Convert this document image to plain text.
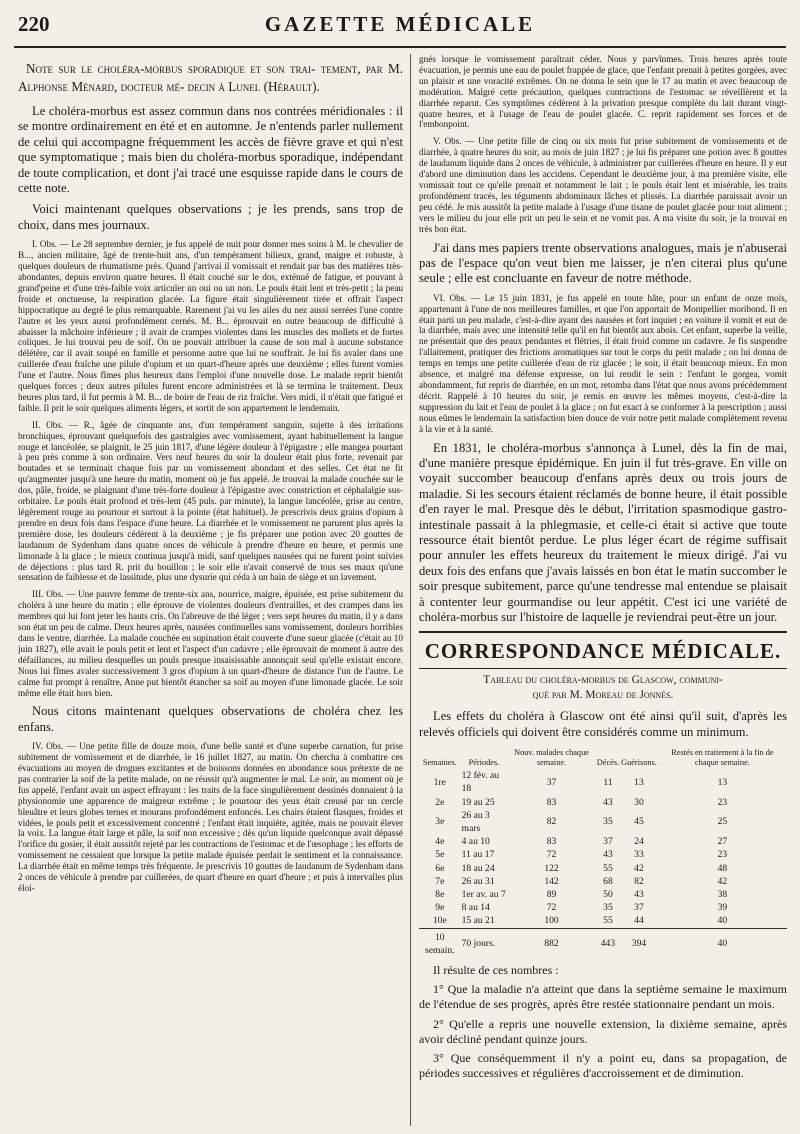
220	GAZETTE MÉDICALE
Note sur le choléra-morbus sporadique et son trai- tement, par M. Alphonse Ménard, docteur mé- decin à Lunel (Hérault).

Le choléra-morbus est assez commun dans nos contrées méridionales : il se montre ordinairement en été et en automne. Je n'entends parler nullement de celui qui accompagne fréquemment les accès de fièvre grave et qui n'est que symptomatique ; mais bien du choléra-morbus sporadique, indépendant de toute complication, et dont j'ai tracé une esquisse rapide dans le cours de cette note.

Voici maintenant quelques observations ; je les prends, sans trop de choix, dans mes journaux.

I. Obs. — Le 28 septembre dernier, je fus appelé de nuit pour donner mes soins à M. le chevalier de B..., ancien militaire, âgé de trente-huit ans, d'un tempérament bilieux, grand, maigre et robuste, à quelques douleurs de rhumatisme près. Quand j'arrivai il vomissait et rendait par bas des matières très-abondantes, depuis environ quatre heures. Il était couché sur le dos, exténué de fatigue, et pouvant à grand'peine et d'une très-faible voix articuler un oui ou un non. Le pouls était lent et très-petit ; la peau froide et onctueuse, la respiration glacée. La figure était singulièrement tirée et offrait l'aspect hippocratique au degré le plus remarquable. Rarement j'ai vu les ailes du nez aussi serrées l'une contre l'autre et les yeux aussi profondément cernés. M. B... éprouvait en outre beaucoup de difficulté à abaisser la mâchoire inférieure ; il avait de crampes violentes dans les muscles des mollets et de fortes coliques. Je lui trouvai peu de soif. On ne pouvait attribuer la cause de son mal à aucune substance délétère, car il avait soupé en famille et personne autre que lui ne souffrait. Je lui fis avaler dans une cuillerée d'eau fraîche une pilule d'opium et un quart-d'heure après une deuxième ; elles furent vomies l'une et l'autre. Nous fîmes plus heureux dans l'emploi d'une nouvelle dose. Le malade reprit bientôt quelques forces ; deux autres pilules furent encore administrées et là se termina le traitement. Deux heures plus tard, il fut permis à M. B... de boire de l'eau de riz fraîche. Vers midi, il n'était que fatigué et faible. Il prit le soir quelques aliments légers, et sortit de son appartement le lendemain.

II. Obs. — R., âgée de cinquante ans, d'un tempérament sanguin, sujette à des irritations bronchiques, éprouvant quelquefois des gastralgies avec vomissement, ayant habituellement la langue rouge et lancéolée, se plaignit, le 25 juin 1817, d'une légère douleur à l'épigastre ; elle mangea pourtant à peu près comme à son ordinaire. Vers neuf heures du soir la douleur était plus forte, revenait par boutades et se terminait chaque fois par un vomissement abondant et des selles. Cet état ne fit qu'augmenter jusqu'à une heure du matin, moment où je fus appelé. Je trouvai la malade couchée sur le dos, pâle, froide, se plaignant d'une très-forte douleur à l'épigastre avec constriction et céphalalgie sus-orbitaire. Le pouls était profond et très-lent (45 puls. par minute), la langue lancéolée, grise au centre, légèrement rouge au pourtour et surtout à la pointe (état habituel). Je prescrivis deux grains d'opium à prendre en deux fois dans l'espace d'une heure. La diarrhée et le vomissement ne parurent plus après la première dose, les douleurs cédèrent à la deuxième ; je fis préparer une potion avec 20 gouttes de laudanum de Sydenham dans quatre onces de véhicule à prendre d'heure en heure, et permis une limonade à la glace ; le mieux continua jusqu'à midi, sauf quelques nausées qui ne furent point suivies de déjections : plus tard R. prit du bouillon ; le soir elle n'avait conservé de tous ses maux qu'une sensation de faiblesse et de lassitude, plus une dysurie qui céda à un bain de siège et un lavement.

III. Obs. — Une pauvre femme de trente-six ans, nourrice, maigre, épuisée, est prise subitement du choléra à une heure du matin ; elle éprouve de violentes douleurs d'entrailles, et des crampes dans les membres qui lui font jeter les hauts cris. On l'abreuve de thé léger ; vers sept heures du matin, il y a dans son état un peu de calme. Deux heures après, nausées continuelles sans vomissement, douleurs horribles dans le ventre, diarrhée. La malade couchée en supination était couverte d'une sueur glacée (c'était au 10 juin 1827), elle avait le pouls petit et lent et l'aspect d'un cadavre ; elle éprouvait de moment à autre des défaillances, au milieu desquelles un pouls presque insaisissable annonçait seul qu'elle existait encore. Nous lui fîmes avaler successivement 3 gros d'opium à un quart-d'heure de distance l'un de l'autre. Le calme fut prompt à renaître, Anne put bientôt étancher sa soif au moyen d'une limonade glacée. Le soir même elle était hors bien.

Nous citons maintenant quelques observations de choléra chez les enfans.

IV. Obs. — Une petite fille de douze mois, d'une belle santé et d'une superbe carnation, fut prise subitement de vomissement et de diarrhée, le 16 juillet 1827, au matin. On chercha à combattre ces évacuations au moyen de drogues excitantes et de boissons données en abondance sous prétexte de ne pas contrarier la soif de la petite malade, on ne réussit qu'à augmenter le mal. Le soir, au moment où je fus appelé, l'enfant avait un aspect effrayant : les traits de la face singulièrement dessinés donnaient à la physionomie une apparence de maigreur extrême ; le pourtour des yeux était creusé par un cercle bleuâtre et leurs globes ternes et mourans profondément enfoncés. Les chairs étaient flasques, froides et vidées, le pouls petit et excessivement concentré ; l'enfant était inquiète, agitée, mais ne pouvait élever la voix. La langue était large et pâle, la soif non excessive ; dès qu'un liquide quelconque avait dépassé l'orifice du gosier, il était aussitôt rejeté par les contractions de l'estomac et de l'œsophage ; les efforts de vomissement ne cessaient que lorsque la petite malade épuisée perdait le sentiment et la connaissance. La diarrhée était en même temps très fréquente. Je prescrivis 10 gouttes de laudanum de Sydenham dans 2 onces de véhicule à prendre par cuillerées, de quart d'heure en quart d'heure ; et puis à intervalles plus éloi-

gnés lorsque le vomissement paraîtrait céder. Nous y parvînmes. Trois heures après toute évacuation, je permis une eau de poulet frappée de glace, que l'enfant prenait à petites gorgées, avec un plaisir et une voracité extrêmes. On ne donna le sein que le 17 au matin et avec beaucoup de modération. Malgré cette précaution, quelques contractions de l'estomac se réveillèrent et la diarrhée reparut. Ces symptômes cédèrent à la privation presque complète du lait durant vingt-quatre heures, et à l'usage de l'eau de poulet glacée. C. reprit rapidement ses forces et de l'embonpoint.

V. Obs. — Une petite fille de cinq ou six mois fut prise subitement de vomissements et de diarrhée, à quatre heures du soir, au mois de juin 1827 ; je lui fis préparer une potion avec 8 gouttes de laudanum liquide dans 2 onces de véhicule, à administrer par cuillerées d'heure en heure. Il y eut d'abord une diminution dans les accidens. Cependant le deuxième jour, à ma première visite, elle vomissait tout ce qu'elle prenait et notamment le lait ; le pouls était lent et misérable, les traits profondément tracés, les téguments abdominaux lâches et plissés. La diarrhée paraissait avoir un peu cédé. Je mis aussitôt la petite malade à l'usage d'une tisane de poulet glacée pour tout aliment ; vers le milieu du jour elle prit un peu le sein et ne vomit pas. A ma visite du soir, je la trouvai en très bon état.

J'ai dans mes papiers trente observations analogues, mais je n'abuserai pas de l'espace qu'on veut bien me laisser, je n'en citerai plus qu'une seule ; elle est concluante en faveur de notre méthode.

VI. Obs. — Le 15 juin 1831, je fus appelé en toute hâte, pour un enfant de onze mois, appartenant à l'une de nos meilleures familles, et que l'on apportait de Montpellier moribond. Il en était parti un peu malade, c'est-à-dire ayant des nausées et fort inquiet ; en voiture il vomit et eut de la diarrhée, mais avec une intensité telle qu'il en fut bientôt aux abois. Cet enfant, superbe la veille, ne présentait que des peaux pendantes et flétries, il était froid comme un cadavre. Je fis suspendre l'allaitement, pratiquer des frictions aromatiques sur tout le corps du petit malade ; on lui donna de temps en temps une petite cuillerée d'eau de riz glacée ; le soir, il était beaucoup mieux. En mon absence, et malgré ma défense expresse, on lui rendit le sein : l'enfant le gorgea, vomit abondamment, fut repris de diarrhée, en un mot, retomba dans l'état que nous avons précédemment décrit. Rappelé à 10 heures du soir, je remis en œuvre les mêmes moyens, c'est-à-dire la suppression du lait et l'eau de poulet à la glace ; on fut exact à se conformer à la prescription ; aussi nous eûmes le lendemain la satisfaction bien douce de voir notre petit malade complètement revenu à la vie et à la santé.

En 1831, le choléra-morbus s'annonça à Lunel, dès la fin de mai, d'une manière presque épidémique. En juin il fut très-grave. En ville on voyait succomber beaucoup d'enfans après deux ou trois jours de maladie. Si les secours étaient réclamés de bonne heure, il était possible d'en rayer le mal. Presque dès le début, l'irritation spasmodique gastro-intestinale passait à la phlegmasie, et celle-ci était si active que toute ressource était bientôt perdue. Le plus léger écart de régime suffisait pour annuler les effets heureux du traitement le mieux dirigé. J'ai vu deux fois des enfans que j'avais laissés en bon état le matin succomber le soir presque subitement, parce qu'une tendresse mal entendue se plaisait à contenter leur gourmandise ou leur appétit. C'est ici une variété de choléra-morbus sur l'histoire de laquelle je reviendrai peut-être un jour.

CORRESPONDANCE MÉDICALE.
Tableau du choléra-morbus de Glascow, communi-
qué par M. Moreau de Jonnès.

Les effets du choléra à Glascow ont été ainsi qu'il suit, d'après les relevés officiels qui doivent être considérés comme un minimum.

Semaines.	Périodes.	Nouv. malades chaque semaine.	Décès.	Guérisons.	Restés en traitement à la fin de chaque semaine.
1re	12 fév. au 18	37	11	13	13
2e	19 au 25	83	43	30	23
3e	26 au 3 mars	82	35	45	25
4e	4 au 10	83	37	24	27
5e	11 au 17	72	43	33	23
6e	18 au 24	122	55	42	48
7e	26 au 31	142	68	82	42
8e	1er av. au 7	89	50	43	38
9e	8 au 14	72	35	37	39
10e	15 au 21	100	55	44	40
10 semain.	70 jours.	882	443	394	40

Il résulte de ces nombres :

1° Que la maladie n'a atteint que dans la septième semaine le maximum de l'étendue de ses progrès, après être restée stationnaire pendant un mois.

2° Qu'elle a repris une nouvelle extension, la dixième semaine, après avoir décliné pendant quinze jours.

3° Que conséquemment il n'y a point eu, dans sa propagation, de périodes successives et régulières d'accroissement et de diminution.
